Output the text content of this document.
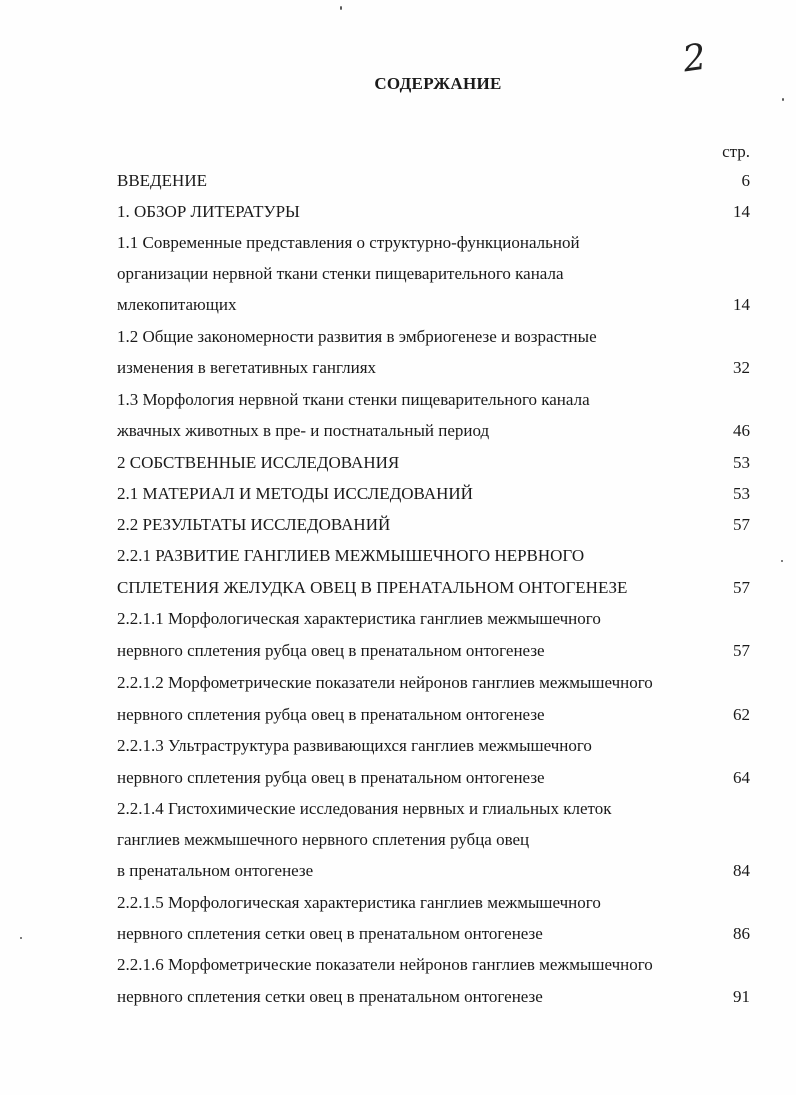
2
СОДЕРЖАНИЕ
стр.
ВВЕДЕНИЕ	6
1. ОБЗОР ЛИТЕРАТУРЫ	14
1.1 Современные представления о структурно-функциональной
организации нервной ткани стенки пищеварительного канала
млекопитающих	14
1.2 Общие закономерности развития в эмбриогенезе и возрастные
изменения в вегетативных ганглиях	32
1.3 Морфология нервной ткани стенки пищеварительного канала
жвачных животных в пре- и постнатальный период	46
2 СОБСТВЕННЫЕ ИССЛЕДОВАНИЯ	53
2.1 МАТЕРИАЛ И МЕТОДЫ ИССЛЕДОВАНИЙ	53
2.2 РЕЗУЛЬТАТЫ ИССЛЕДОВАНИЙ	57
2.2.1 РАЗВИТИЕ ГАНГЛИЕВ МЕЖМЫШЕЧНОГО НЕРВНОГО
СПЛЕТЕНИЯ ЖЕЛУДКА ОВЕЦ В ПРЕНАТАЛЬНОМ ОНТОГЕНЕЗЕ	57
2.2.1.1 Морфологическая характеристика ганглиев межмышечного
нервного сплетения рубца овец в пренатальном онтогенезе	57
2.2.1.2 Морфометрические показатели нейронов ганглиев межмышечного
нервного сплетения рубца овец в пренатальном онтогенезе	62
2.2.1.3 Ультраструктура развивающихся ганглиев межмышечного
нервного сплетения рубца овец в пренатальном онтогенезе	64
2.2.1.4 Гистохимические исследования нервных и глиальных клеток
ганглиев межмышечного нервного сплетения рубца овец
в пренатальном онтогенезе	84
2.2.1.5 Морфологическая характеристика ганглиев межмышечного
нервного сплетения сетки овец в пренатальном онтогенезе	86
2.2.1.6 Морфометрические показатели нейронов ганглиев межмышечного
нервного сплетения сетки овец в пренатальном онтогенезе	91
